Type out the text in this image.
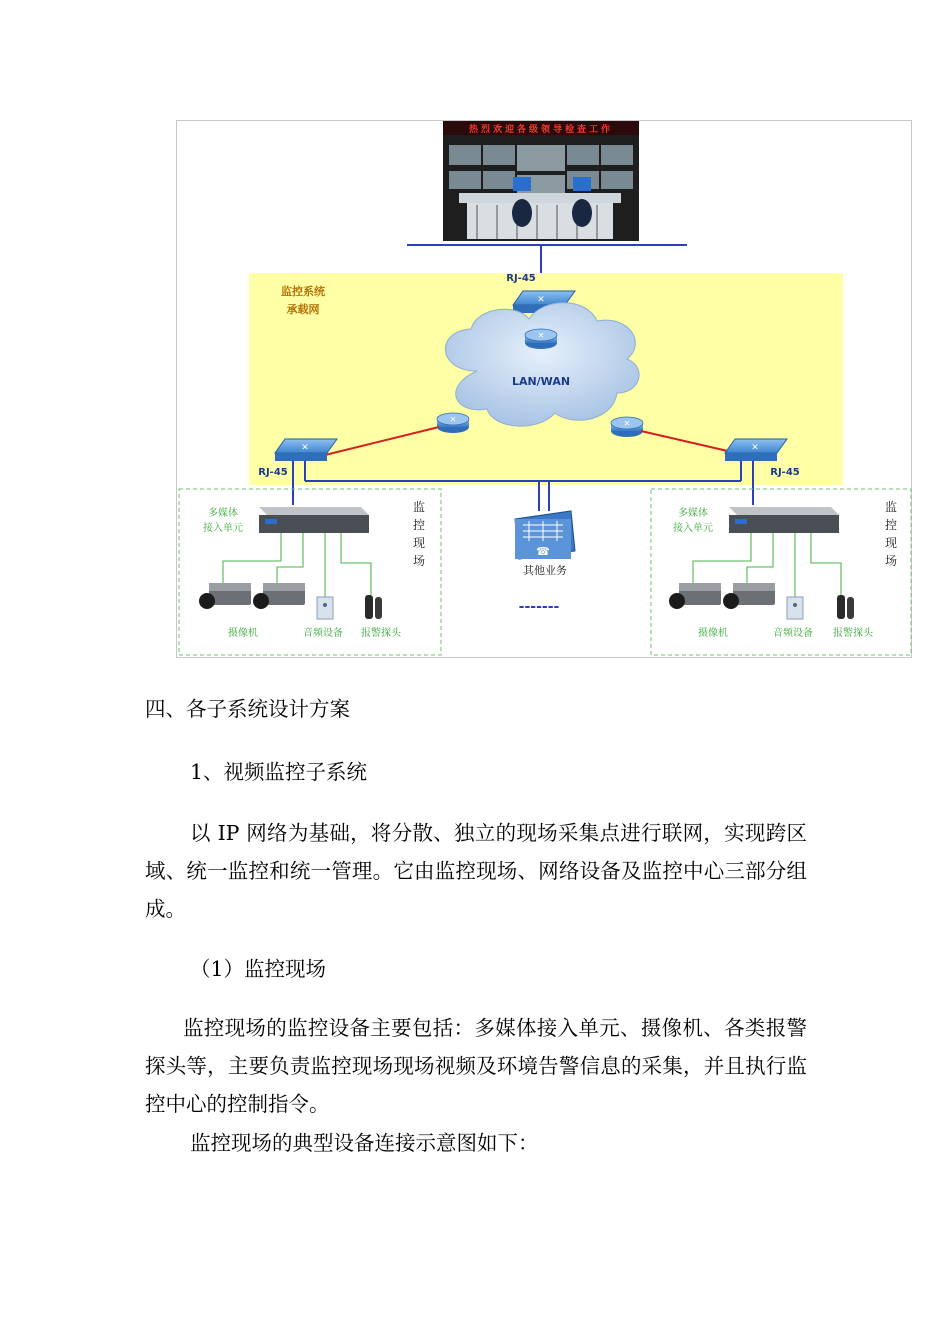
热烈欢迎各级领导检查工作
监控系统
承载网
RJ-45
✕
LAN/WAN
✕
✕	✕
✕
RJ-45
✕
RJ-45
☎
其他业务
-------
多媒体
接入单元
监
控
现
场
摄像机	音频设备 报警探头
多媒体
接入单元
监
控
现
场
摄像机	音频设备 报警探头

四、各子系统设计方案

1、视频监控子系统

以 IP 网络为基础，将分散、独立的现场采集点进行联网，实现跨区域、统一监控和统一管理。它由监控现场、网络设备及监控中心三部分组成。

（1）监控现场

监控现场的监控设备主要包括：多媒体接入单元、摄像机、各类报警探头等，主要负责监控现场现场视频及环境告警信息的采集，并且执行监控中心的控制指令。

监控现场的典型设备连接示意图如下：
